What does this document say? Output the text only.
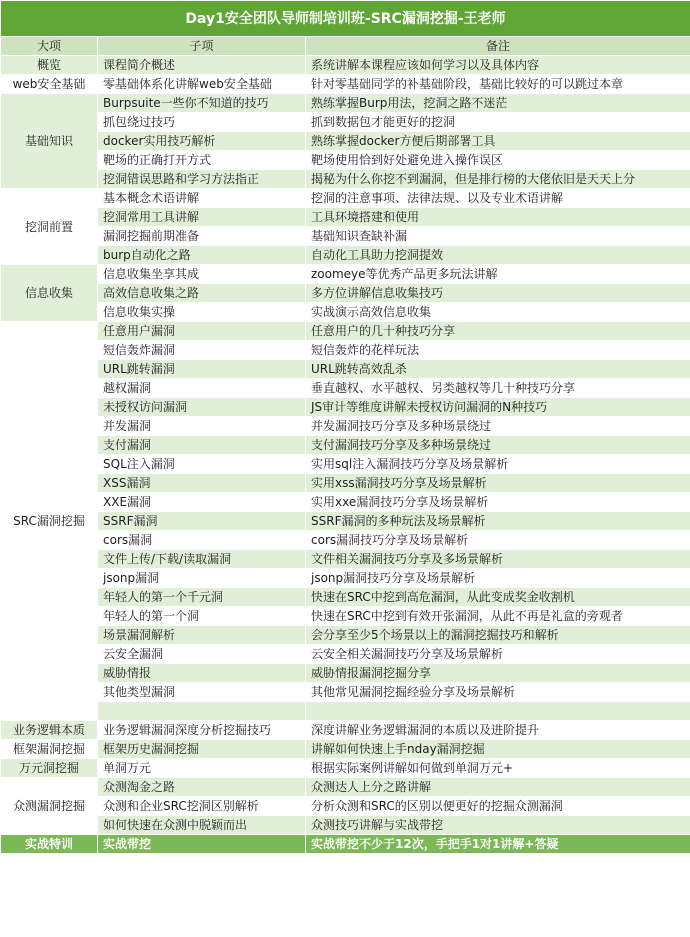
Day1安全团队导师制培训班-SRC漏洞挖掘-王老师		
大项	子项	备注
概览	课程简介概述	系统讲解本课程应该如何学习以及具体内容
web安全基础	零基础体系化讲解web安全基础	针对零基础同学的补基础阶段，基础比较好的可以跳过本章
基础知识	Burpsuite一些你不知道的技巧	熟练掌握Burp用法，挖洞之路不迷茫
	抓包绕过技巧	抓到数据包才能更好的挖洞
	docker实用技巧解析	熟练掌握docker方便后期部署工具
	靶场的正确打开方式	靶场使用恰到好处避免进入操作误区
	挖洞错误思路和学习方法指正	揭秘为什么你挖不到漏洞，但是排行榜的大佬依旧是天天上分
挖洞前置	基本概念术语讲解	挖洞的注意事项、法律法规、以及专业术语讲解
	挖洞常用工具讲解	工具环境搭建和使用
	漏洞挖掘前期准备	基础知识查缺补漏
	burp自动化之路	自动化工具助力挖洞提效
信息收集	信息收集坐享其成	zoomeye等优秀产品更多玩法讲解
	高效信息收集之路	多方位讲解信息收集技巧
	信息收集实操	实战演示高效信息收集
SRC漏洞挖掘	任意用户漏洞	任意用户的几十种技巧分享
	短信轰炸漏洞	短信轰炸的花样玩法
	URL跳转漏洞	URL跳转高效乱杀
	越权漏洞	垂直越权、水平越权、另类越权等几十种技巧分享
	未授权访问漏洞	JS审计等维度讲解未授权访问漏洞的N种技巧
	并发漏洞	并发漏洞技巧分享及多种场景绕过
	支付漏洞	支付漏洞技巧分享及多种场景绕过
	SQL注入漏洞	实用sql注入漏洞技巧分享及场景解析
	XSS漏洞	实用xss漏洞技巧分享及场景解析
	XXE漏洞	实用xxe漏洞技巧分享及场景解析
	SSRF漏洞	SSRF漏洞的多种玩法及场景解析
	cors漏洞	cors漏洞技巧分享及场景解析
	文件上传/下载/读取漏洞	文件相关漏洞技巧分享及多场景解析
	jsonp漏洞	jsonp漏洞技巧分享及场景解析
	年轻人的第一个千元洞	快速在SRC中挖到高危漏洞，从此变成奖金收割机
	年轻人的第一个洞	快速在SRC中挖到有效开张漏洞，从此不再是礼盒的旁观者
	场景漏洞解析	会分享至少5个场景以上的漏洞挖掘技巧和解析
	云安全漏洞	云安全相关漏洞技巧分享及场景解析
	威胁情报	威胁情报漏洞挖掘分享
	其他类型漏洞	其他常见漏洞挖掘经验分享及场景解析

业务逻辑本质	业务逻辑漏洞深度分析挖掘技巧	深度讲解业务逻辑漏洞的本质以及进阶提升
框架漏洞挖掘	框架历史漏洞挖掘	讲解如何快速上手nday漏洞挖掘
万元洞挖掘	单洞万元	根据实际案例讲解如何做到单洞万元+
众测漏洞挖掘	众测淘金之路	众测达人上分之路讲解
	众测和企业SRC挖洞区别解析	分析众测和SRC的区别以便更好的挖掘众测漏洞
	如何快速在众测中脱颖而出	众测技巧讲解与实战带挖
实战特训	实战带挖	实战带挖不少于12次，手把手1对1讲解+答疑
